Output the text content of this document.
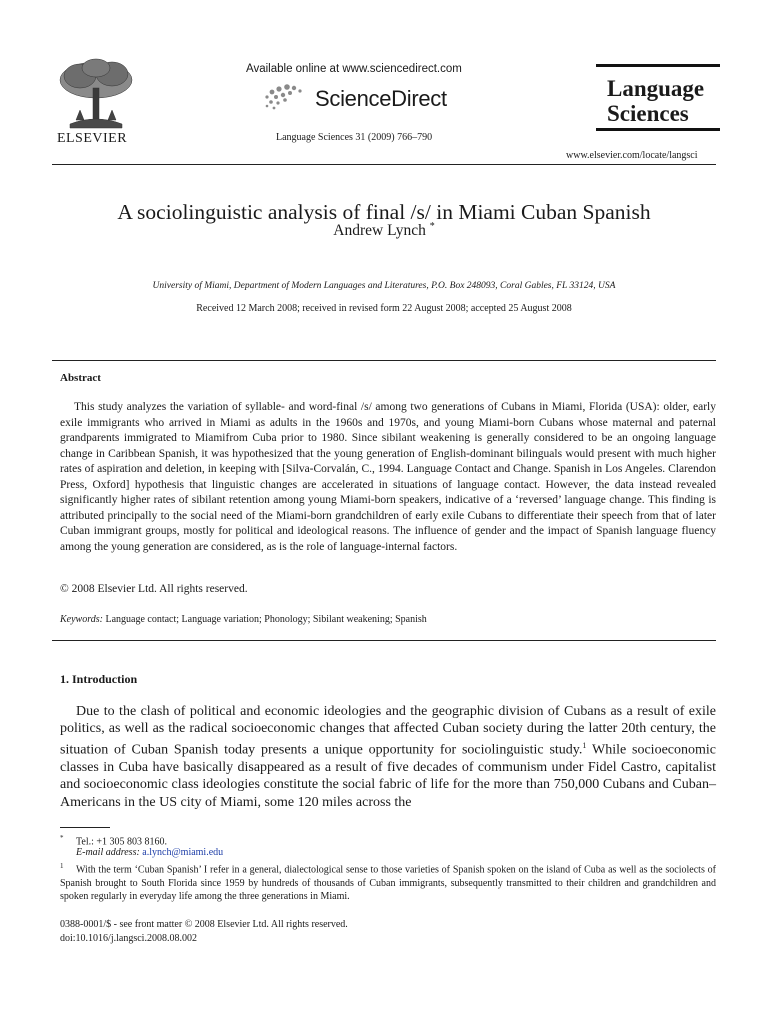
ELSEVIER
Available online at www.sciencedirect.com
ScienceDirect
Language Sciences 31 (2009) 766–790
Language
Sciences
www.elsevier.com/locate/langsci
A sociolinguistic analysis of final /s/ in Miami Cuban Spanish
Andrew Lynch *
University of Miami, Department of Modern Languages and Literatures, P.O. Box 248093, Coral Gables, FL 33124, USA
Received 12 March 2008; received in revised form 22 August 2008; accepted 25 August 2008
Abstract
This study analyzes the variation of syllable- and word-final /s/ among two generations of Cubans in Miami, Florida (USA): older, early exile immigrants who arrived in Miami as adults in the 1960s and 1970s, and young Miami-born Cubans whose maternal and paternal grandparents immigrated to Miamifrom Cuba prior to 1980. Since sibilant weakening is generally considered to be an ongoing language change in Caribbean Spanish, it was hypothesized that the young generation of English-dominant bilinguals would present with much higher rates of aspiration and deletion, in keeping with [Silva-Corvalán, C., 1994. Language Contact and Change. Spanish in Los Angeles. Clarendon Press, Oxford] hypothesis that linguistic changes are accelerated in situations of language contact. However, the data instead revealed significantly higher rates of sibilant retention among young Miami-born speakers, indicative of a ‘reversed’ language change. This finding is attributed principally to the social need of the Miami-born grandchildren of early exile Cubans to differentiate their speech from that of later Cuban immigrant groups, mostly for political and ideological reasons. The influence of gender and the impact of Spanish language fluency among the young generation are considered, as is the role of language-internal factors.
© 2008 Elsevier Ltd. All rights reserved.
Keywords: Language contact; Language variation; Phonology; Sibilant weakening; Spanish
1. Introduction
Due to the clash of political and economic ideologies and the geographic division of Cubans as a result of exile politics, as well as the radical socioeconomic changes that affected Cuban society during the latter 20th century, the situation of Cuban Spanish today presents a unique opportunity for sociolinguistic study.$^1$ While socioeconomic classes in Cuba have basically disappeared as a result of five decades of communism under Fidel Castro, capitalist and socioeconomic class ideologies constitute the social fabric of life for the more than 750,000 Cubans and Cuban–Americans in the US city of Miami, some 120 miles across the
* Tel.: +1 305 803 8160.
E-mail address: a.lynch@miami.edu
$^1$ With the term ‘Cuban Spanish’ I refer in a general, dialectological sense to those varieties of Spanish spoken on the island of Cuba as well as the sociolects of Spanish brought to South Florida since 1959 by hundreds of thousands of Cuban immigrants, subsequently transmitted to their children and grandchildren and spoken regularly in everyday life among the three generations in Miami.
0388-0001/$ - see front matter © 2008 Elsevier Ltd. All rights reserved.
doi:10.1016/j.langsci.2008.08.002
